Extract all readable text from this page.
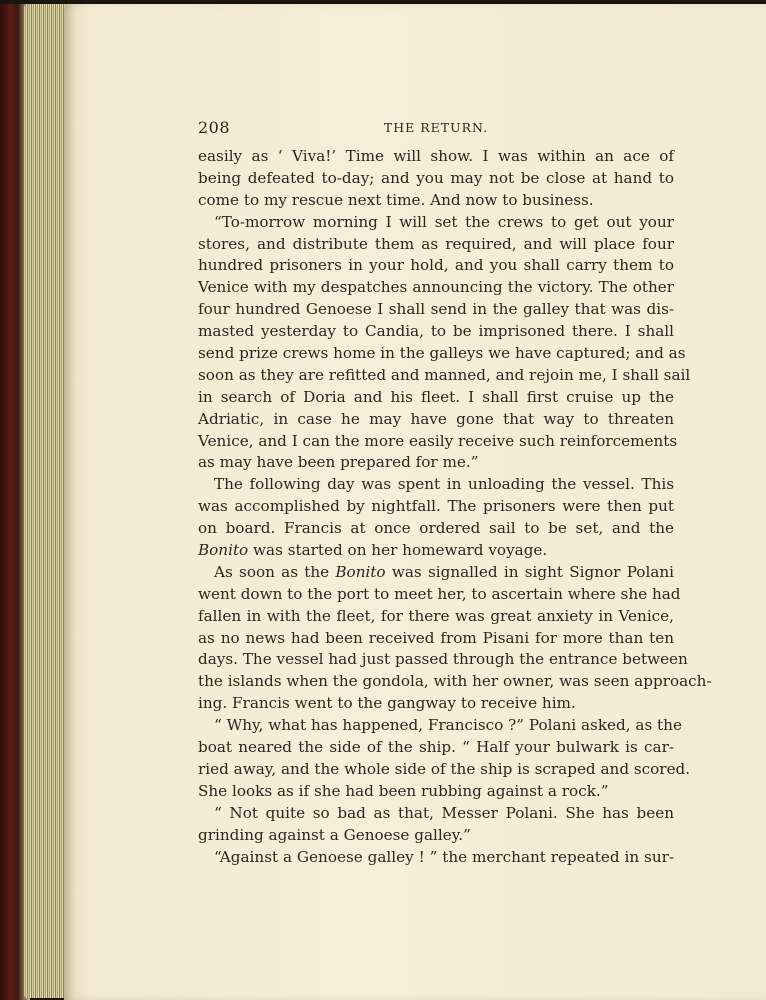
208	THE RETURN.
easily as ‘ Viva!’ Time will show. I was within an ace of
being defeated to-day; and you may not be close at hand to
come to my rescue next time. And now to business.
“To-morrow morning I will set the crews to get out your
stores, and distribute them as required, and will place four
hundred prisoners in your hold, and you shall carry them to
Venice with my despatches announcing the victory. The other
four hundred Genoese I shall send in the galley that was dis-
masted yesterday to Candia, to be imprisoned there. I shall
send prize crews home in the galleys we have captured; and as
soon as they are refitted and manned, and rejoin me, I shall sail
in search of Doria and his fleet. I shall first cruise up the
Adriatic, in case he may have gone that way to threaten
Venice, and I can the more easily receive such reinforcements
as may have been prepared for me.”
The following day was spent in unloading the vessel. This
was accomplished by nightfall. The prisoners were then put
on board. Francis at once ordered sail to be set, and the
Bonito was started on her homeward voyage.
As soon as the Bonito was signalled in sight Signor Polani
went down to the port to meet her, to ascertain where she had
fallen in with the fleet, for there was great anxiety in Venice,
as no news had been received from Pisani for more than ten
days. The vessel had just passed through the entrance between
the islands when the gondola, with her owner, was seen approach-
ing. Francis went to the gangway to receive him.
“ Why, what has happened, Francisco ?” Polani asked, as the
boat neared the side of the ship. “ Half your bulwark is car-
ried away, and the whole side of the ship is scraped and scored.
She looks as if she had been rubbing against a rock.”
“ Not quite so bad as that, Messer Polani. She has been
grinding against a Genoese galley.”
“Against a Genoese galley ! ” the merchant repeated in sur-
